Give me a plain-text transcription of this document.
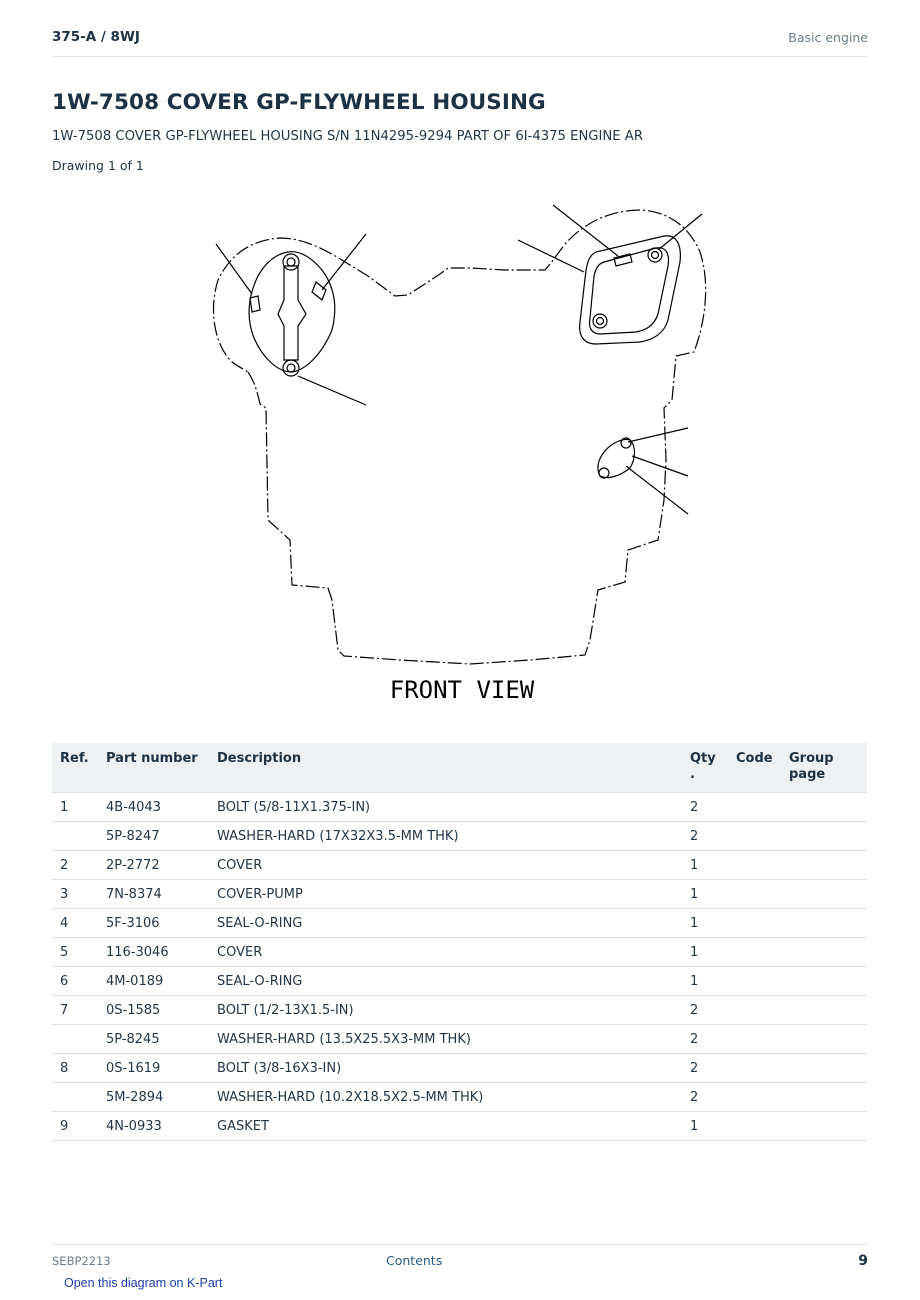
375-A / 8WJ	Basic engine
1W-7508 COVER GP-FLYWHEEL HOUSING
1W-7508 COVER GP-FLYWHEEL HOUSING S/N 11N4295-9294 PART OF 6I-4375 ENGINE AR
Drawing 1 of 1
FRONT VIEW
Ref.	Part number	Description	Qty .	Code	Group page
1	4B-4043	BOLT (5/8-11X1.375-IN)	2		
	5P-8247	WASHER-HARD (17X32X3.5-MM THK)	2		
2	2P-2772	COVER	1		
3	7N-8374	COVER-PUMP	1		
4	5F-3106	SEAL-O-RING	1		
5	116-3046	COVER	1		
6	4M-0189	SEAL-O-RING	1		
7	0S-1585	BOLT (1/2-13X1.5-IN)	2		
	5P-8245	WASHER-HARD (13.5X25.5X3-MM THK)	2		
8	0S-1619	BOLT (3/8-16X3-IN)	2		
	5M-2894	WASHER-HARD (10.2X18.5X2.5-MM THK)	2		
9	4N-0933	GASKET	1		
SEBP2213	Contents	9
Open this diagram on K-Part
